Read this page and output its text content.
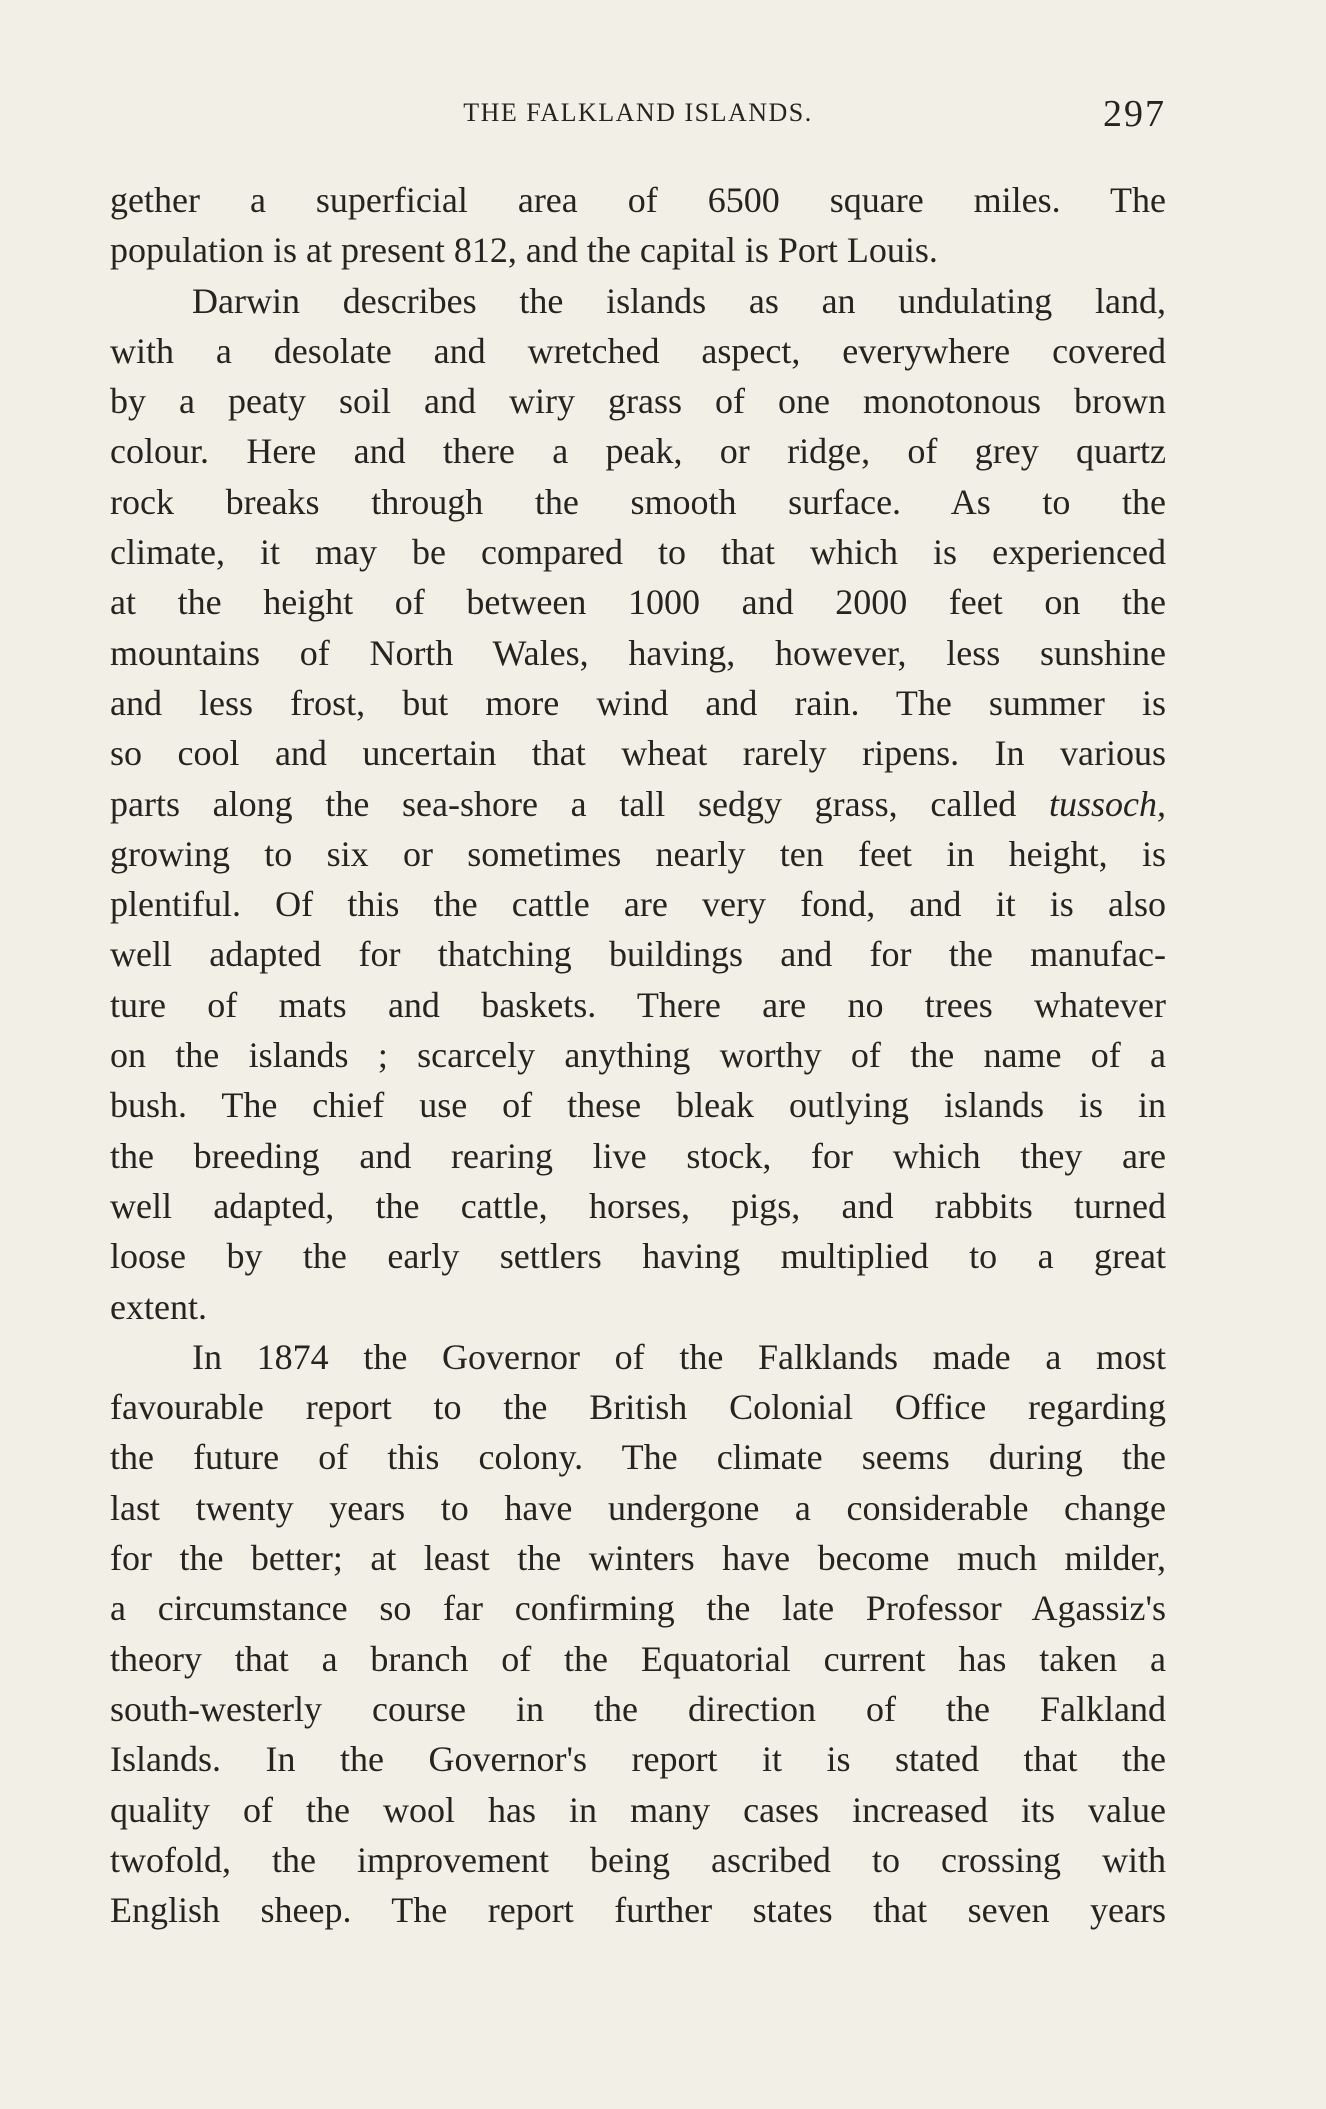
THE FALKLAND ISLANDS.	297
gether a superficial area of 6500 square miles. The
population is at present 812, and the capital is Port Louis.
Darwin describes the islands as an undulating land,
with a desolate and wretched aspect, everywhere covered
by a peaty soil and wiry grass of one monotonous brown
colour. Here and there a peak, or ridge, of grey quartz
rock breaks through the smooth surface. As to the
climate, it may be compared to that which is experienced
at the height of between 1000 and 2000 feet on the
mountains of North Wales, having, however, less sunshine
and less frost, but more wind and rain. The summer is
so cool and uncertain that wheat rarely ripens. In various
parts along the sea-shore a tall sedgy grass, called tussoch,
growing to six or sometimes nearly ten feet in height, is
plentiful. Of this the cattle are very fond, and it is also
well adapted for thatching buildings and for the manufac-
ture of mats and baskets. There are no trees whatever
on the islands ; scarcely anything worthy of the name of a
bush. The chief use of these bleak outlying islands is in
the breeding and rearing live stock, for which they are
well adapted, the cattle, horses, pigs, and rabbits turned
loose by the early settlers having multiplied to a great
extent.
In 1874 the Governor of the Falklands made a most
favourable report to the British Colonial Office regarding
the future of this colony. The climate seems during the
last twenty years to have undergone a considerable change
for the better; at least the winters have become much milder,
a circumstance so far confirming the late Professor Agassiz's
theory that a branch of the Equatorial current has taken a
south-westerly course in the direction of the Falkland
Islands. In the Governor's report it is stated that the
quality of the wool has in many cases increased its value
twofold, the improvement being ascribed to crossing with
English sheep. The report further states that seven years
